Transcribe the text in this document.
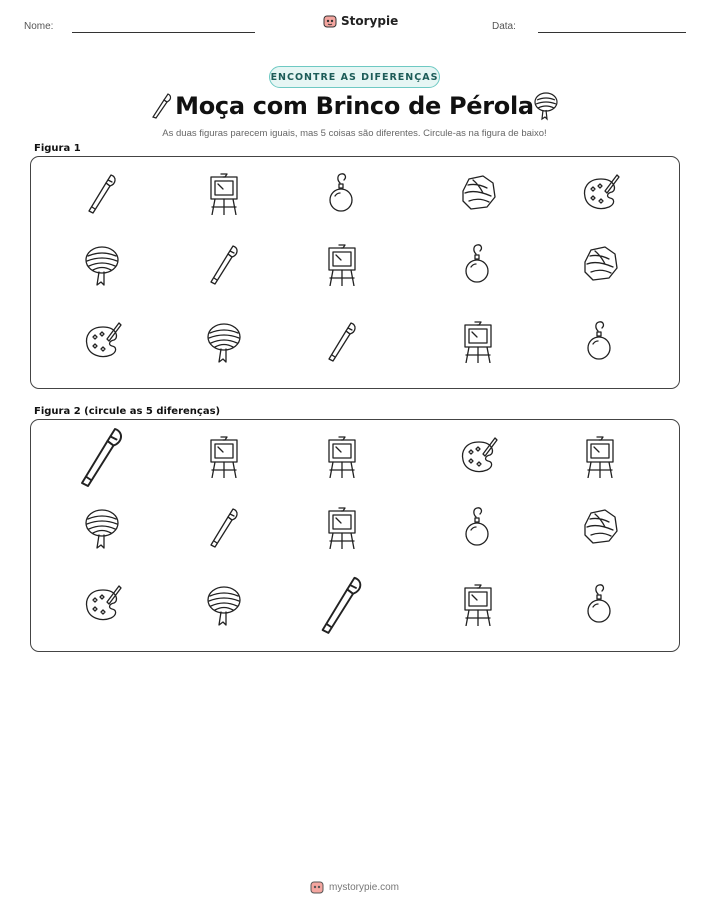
Nome:	Storypie	Data:
ENCONTRE AS DIFERENÇAS
Moça com Brinco de Pérola
As duas figuras parecem iguais, mas 5 coisas são diferentes. Circule-as na figura de baixo!
Figura 1
Figura 2 (circule as 5 diferenças)
mystorypie.com
